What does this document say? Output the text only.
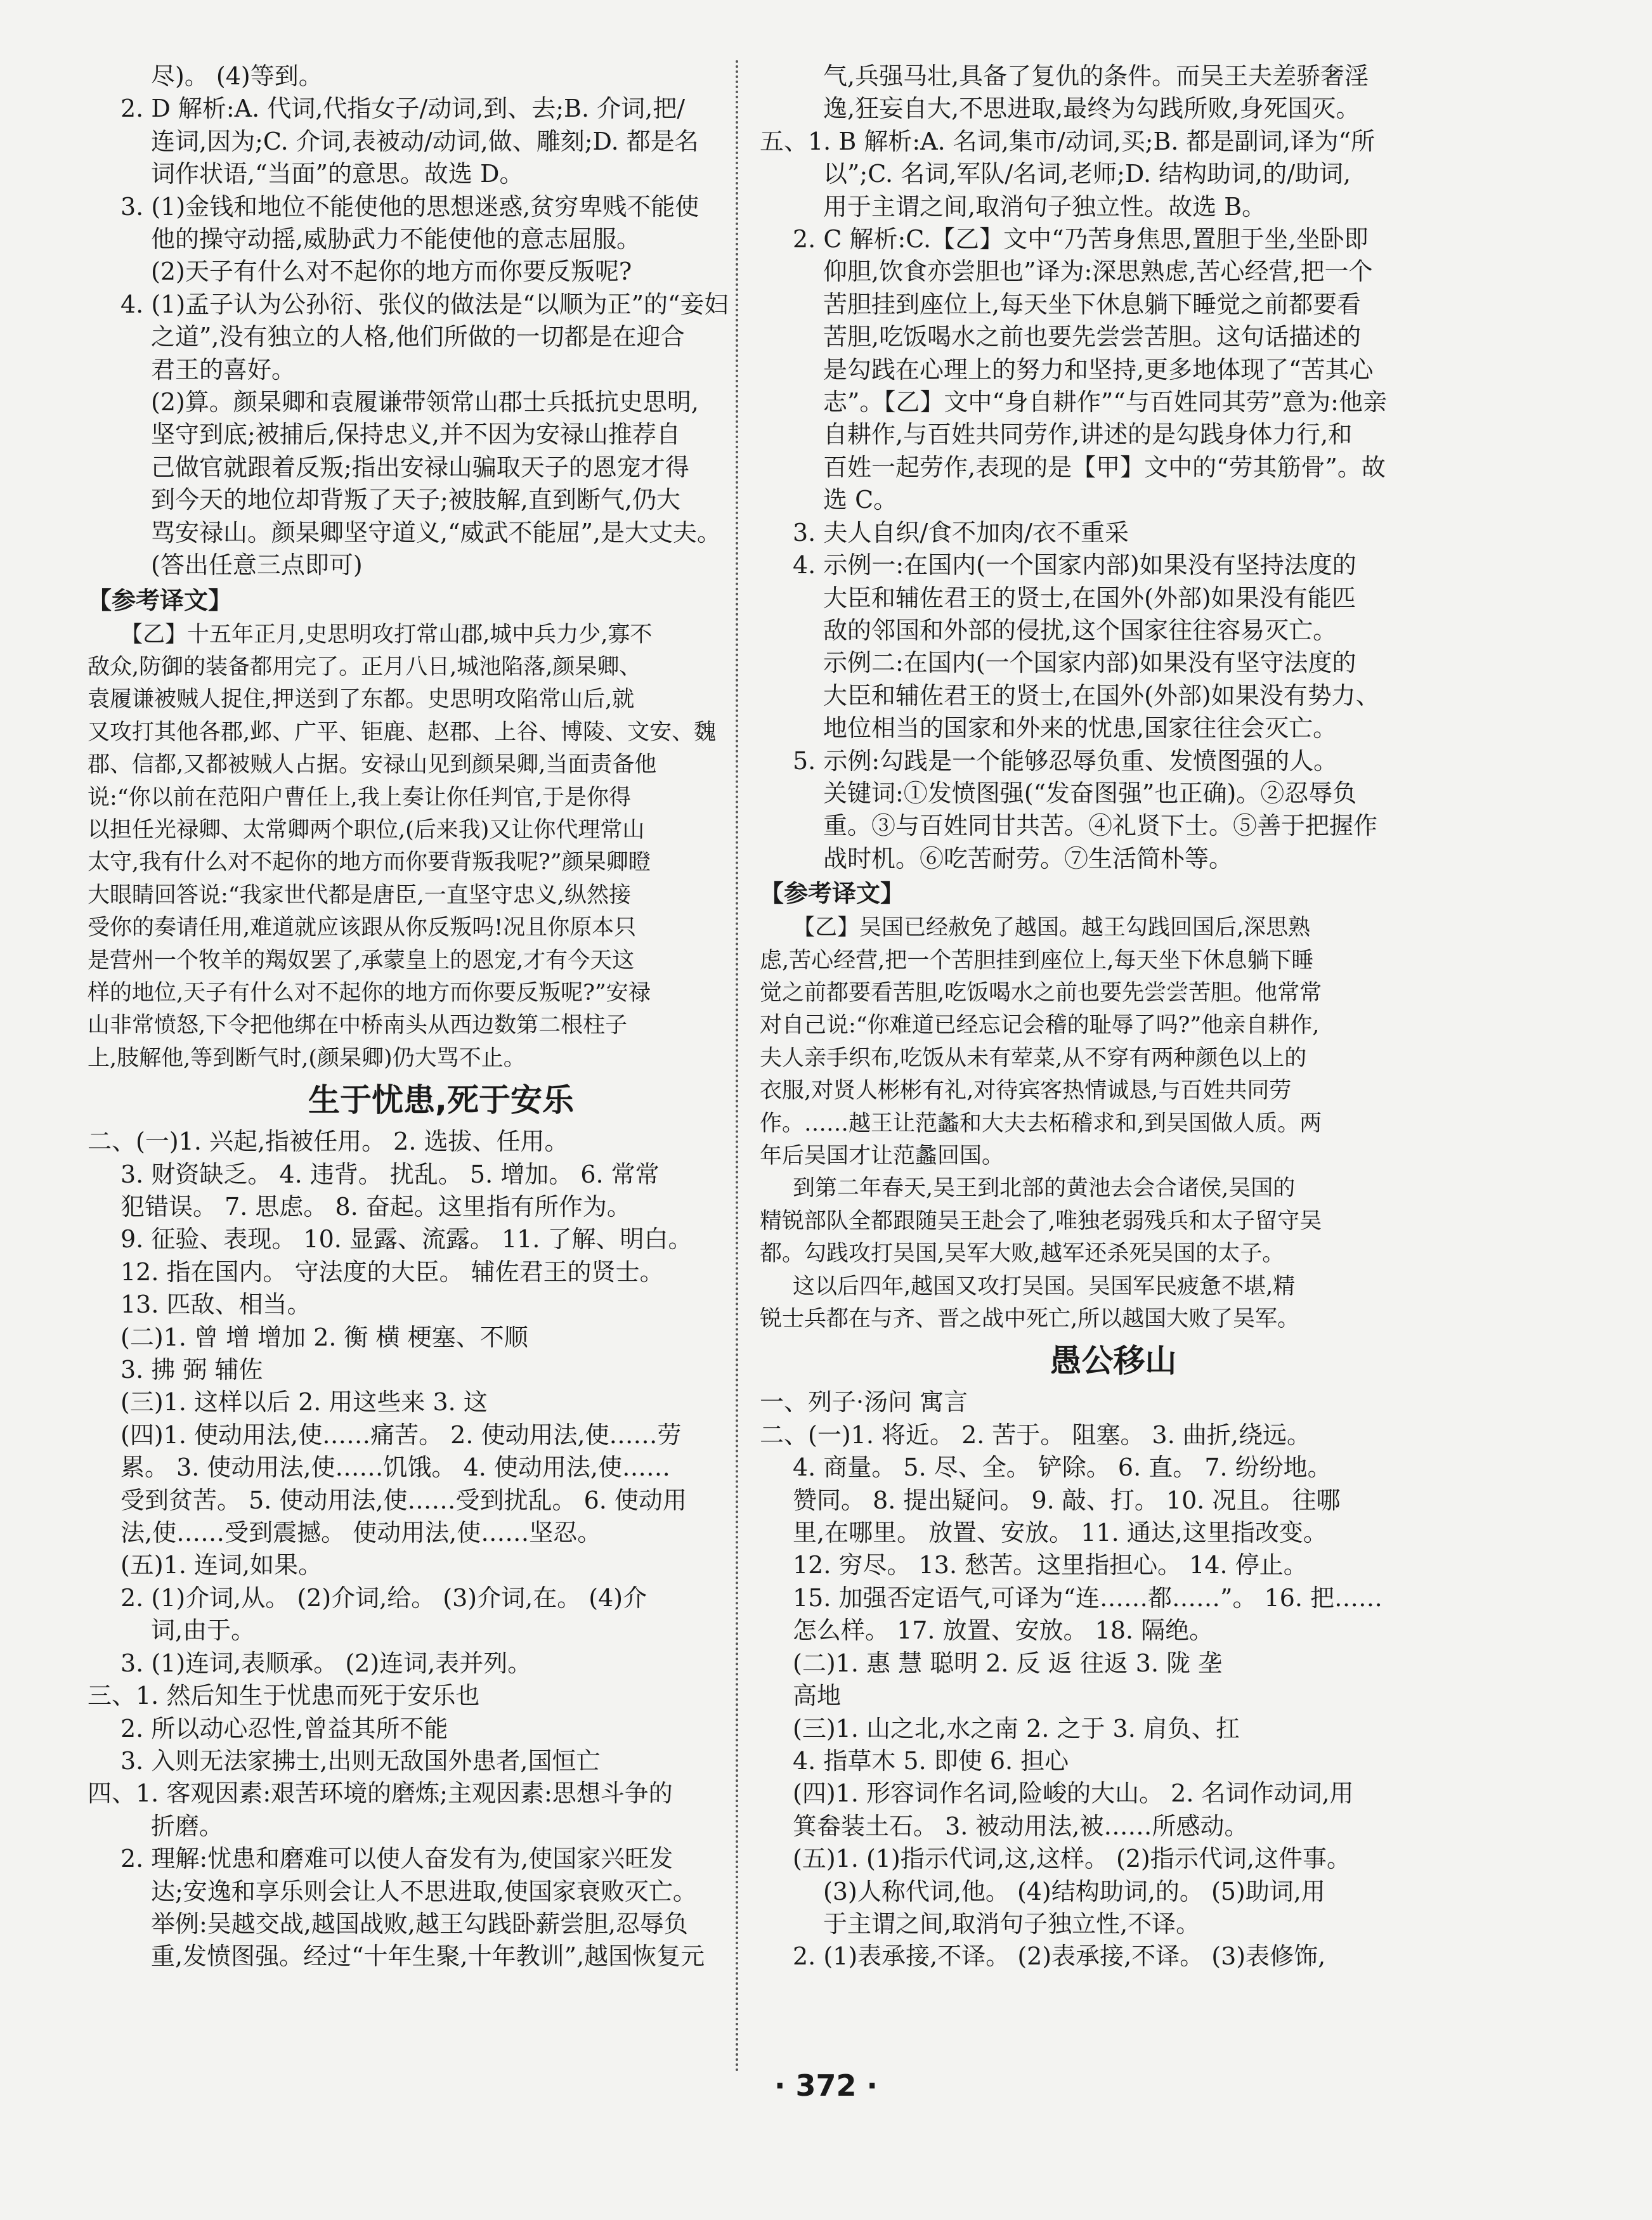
尽)。 (4)等到。
2. D 解析:A. 代词,代指女子/动词,到、去;B. 介词,把/
连词,因为;C. 介词,表被动/动词,做、雕刻;D. 都是名
词作状语,“当面”的意思。故选 D。
3. (1)金钱和地位不能使他的思想迷惑,贫穷卑贱不能使
他的操守动摇,威胁武力不能使他的意志屈服。
(2)天子有什么对不起你的地方而你要反叛呢?
4. (1)孟子认为公孙衍、张仪的做法是“以顺为正”的“妾妇
之道”,没有独立的人格,他们所做的一切都是在迎合
君王的喜好。
(2)算。颜杲卿和袁履谦带领常山郡士兵抵抗史思明,
坚守到底;被捕后,保持忠义,并不因为安禄山推荐自
己做官就跟着反叛;指出安禄山骗取天子的恩宠才得
到今天的地位却背叛了天子;被肢解,直到断气,仍大
骂安禄山。颜杲卿坚守道义,“威武不能屈”,是大丈夫。
(答出任意三点即可)
【参考译文】
【乙】十五年正月,史思明攻打常山郡,城中兵力少,寡不
敌众,防御的装备都用完了。正月八日,城池陷落,颜杲卿、
袁履谦被贼人捉住,押送到了东都。史思明攻陷常山后,就
又攻打其他各郡,邺、广平、钜鹿、赵郡、上谷、博陵、文安、魏
郡、信都,又都被贼人占据。安禄山见到颜杲卿,当面责备他
说:“你以前在范阳户曹任上,我上奏让你任判官,于是你得
以担任光禄卿、太常卿两个职位,(后来我)又让你代理常山
太守,我有什么对不起你的地方而你要背叛我呢?”颜杲卿瞪
大眼睛回答说:“我家世代都是唐臣,一直坚守忠义,纵然接
受你的奏请任用,难道就应该跟从你反叛吗!况且你原本只
是营州一个牧羊的羯奴罢了,承蒙皇上的恩宠,才有今天这
样的地位,天子有什么对不起你的地方而你要反叛呢?”安禄
山非常愤怒,下令把他绑在中桥南头从西边数第二根柱子
上,肢解他,等到断气时,(颜杲卿)仍大骂不止。
生于忧患,死于安乐
二、(一)1. 兴起,指被任用。 2. 选拔、任用。
3. 财资缺乏。 4. 违背。 扰乱。 5. 增加。 6. 常常
犯错误。 7. 思虑。 8. 奋起。这里指有所作为。
9. 征验、表现。 10. 显露、流露。 11. 了解、明白。
12. 指在国内。 守法度的大臣。 辅佐君王的贤士。
13. 匹敌、相当。
(二)1. 曾 增 增加 2. 衡 横 梗塞、不顺
3. 拂 弼 辅佐
(三)1. 这样以后 2. 用这些来 3. 这
(四)1. 使动用法,使……痛苦。 2. 使动用法,使……劳
累。 3. 使动用法,使……饥饿。 4. 使动用法,使……
受到贫苦。 5. 使动用法,使……受到扰乱。 6. 使动用
法,使……受到震撼。 使动用法,使……坚忍。
(五)1. 连词,如果。
2. (1)介词,从。 (2)介词,给。 (3)介词,在。 (4)介
词,由于。
3. (1)连词,表顺承。 (2)连词,表并列。
三、1. 然后知生于忧患而死于安乐也
2. 所以动心忍性,曾益其所不能
3. 入则无法家拂士,出则无敌国外患者,国恒亡
四、1. 客观因素:艰苦环境的磨炼;主观因素:思想斗争的
折磨。
2. 理解:忧患和磨难可以使人奋发有为,使国家兴旺发
达;安逸和享乐则会让人不思进取,使国家衰败灭亡。
举例:吴越交战,越国战败,越王勾践卧薪尝胆,忍辱负
重,发愤图强。经过“十年生聚,十年教训”,越国恢复元
气,兵强马壮,具备了复仇的条件。而吴王夫差骄奢淫
逸,狂妄自大,不思进取,最终为勾践所败,身死国灭。
五、1. B 解析:A. 名词,集市/动词,买;B. 都是副词,译为“所
以”;C. 名词,军队/名词,老师;D. 结构助词,的/助词,
用于主谓之间,取消句子独立性。故选 B。
2. C 解析:C.【乙】文中“乃苦身焦思,置胆于坐,坐卧即
仰胆,饮食亦尝胆也”译为:深思熟虑,苦心经营,把一个
苦胆挂到座位上,每天坐下休息躺下睡觉之前都要看
苦胆,吃饭喝水之前也要先尝尝苦胆。这句话描述的
是勾践在心理上的努力和坚持,更多地体现了“苦其心
志”。【乙】文中“身自耕作”“与百姓同其劳”意为:他亲
自耕作,与百姓共同劳作,讲述的是勾践身体力行,和
百姓一起劳作,表现的是【甲】文中的“劳其筋骨”。故
选 C。
3. 夫人自织/食不加肉/衣不重采
4. 示例一:在国内(一个国家内部)如果没有坚持法度的
大臣和辅佐君王的贤士,在国外(外部)如果没有能匹
敌的邻国和外部的侵扰,这个国家往往容易灭亡。
示例二:在国内(一个国家内部)如果没有坚守法度的
大臣和辅佐君王的贤士,在国外(外部)如果没有势力、
地位相当的国家和外来的忧患,国家往往会灭亡。
5. 示例:勾践是一个能够忍辱负重、发愤图强的人。
关键词:①发愤图强(“发奋图强”也正确)。②忍辱负
重。③与百姓同甘共苦。④礼贤下士。⑤善于把握作
战时机。⑥吃苦耐劳。⑦生活简朴等。
【参考译文】
【乙】吴国已经赦免了越国。越王勾践回国后,深思熟
虑,苦心经营,把一个苦胆挂到座位上,每天坐下休息躺下睡
觉之前都要看苦胆,吃饭喝水之前也要先尝尝苦胆。他常常
对自己说:“你难道已经忘记会稽的耻辱了吗?”他亲自耕作,
夫人亲手织布,吃饭从未有荤菜,从不穿有两种颜色以上的
衣服,对贤人彬彬有礼,对待宾客热情诚恳,与百姓共同劳
作。……越王让范蠡和大夫去柘稽求和,到吴国做人质。两
年后吴国才让范蠡回国。
到第二年春天,吴王到北部的黄池去会合诸侯,吴国的
精锐部队全都跟随吴王赴会了,唯独老弱残兵和太子留守吴
都。勾践攻打吴国,吴军大败,越军还杀死吴国的太子。
这以后四年,越国又攻打吴国。吴国军民疲惫不堪,精
锐士兵都在与齐、晋之战中死亡,所以越国大败了吴军。
愚公移山
一、列子·汤问 寓言
二、(一)1. 将近。 2. 苦于。 阻塞。 3. 曲折,绕远。
4. 商量。 5. 尽、全。 铲除。 6. 直。 7. 纷纷地。
赞同。 8. 提出疑问。 9. 敲、打。 10. 况且。 往哪
里,在哪里。 放置、安放。 11. 通达,这里指改变。
12. 穷尽。 13. 愁苦。这里指担心。 14. 停止。
15. 加强否定语气,可译为“连……都……”。 16. 把……
怎么样。 17. 放置、安放。 18. 隔绝。
(二)1. 惠 慧 聪明 2. 反 返 往返 3. 陇 垄
高地
(三)1. 山之北,水之南 2. 之于 3. 肩负、扛
4. 指草木 5. 即使 6. 担心
(四)1. 形容词作名词,险峻的大山。 2. 名词作动词,用
箕畚装土石。 3. 被动用法,被……所感动。
(五)1. (1)指示代词,这,这样。 (2)指示代词,这件事。
(3)人称代词,他。 (4)结构助词,的。 (5)助词,用
于主谓之间,取消句子独立性,不译。
2. (1)表承接,不译。 (2)表承接,不译。 (3)表修饰,
· 372 ·
